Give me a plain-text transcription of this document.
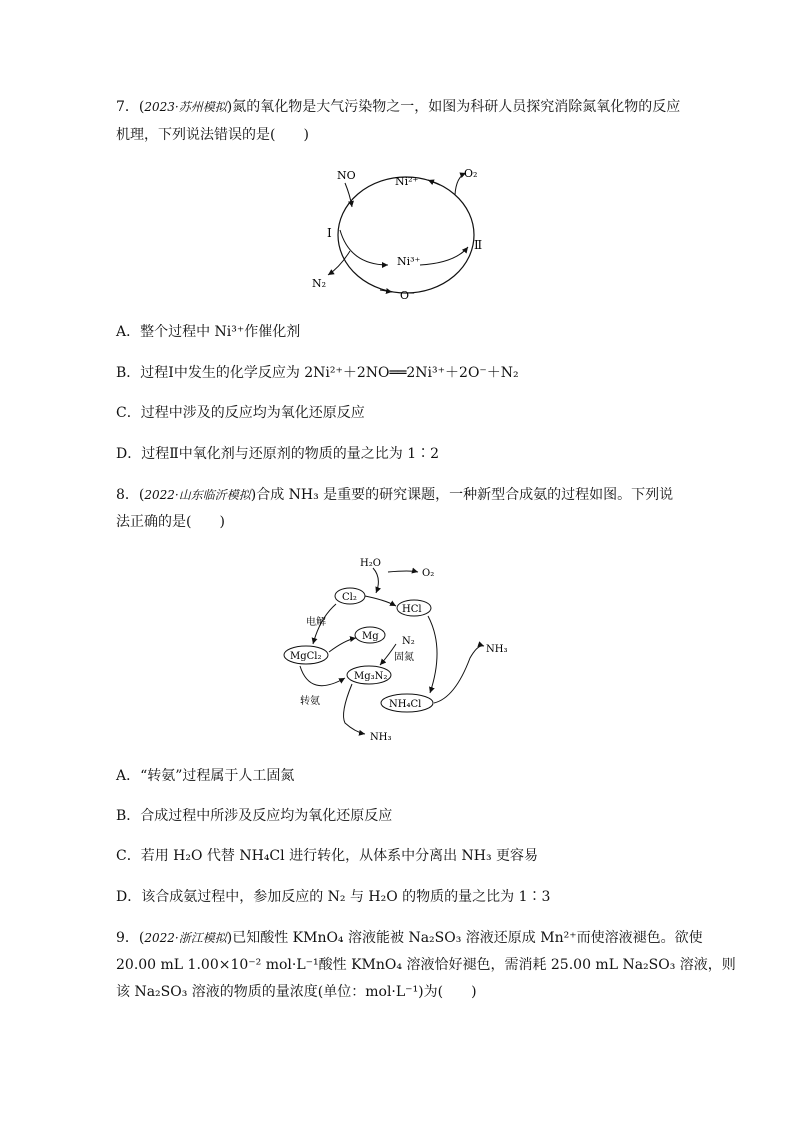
7．(2023·苏州模拟)氮的氧化物是大气污染物之一，如图为科研人员探究消除氮氧化物的反应
机理，下列说法错误的是(　　)
NO	Ni²⁺
O₂
Ⅰ
Ⅱ
Ni³⁺
N₂
O⁻
A．整个过程中 Ni³⁺作催化剂
B．过程Ⅰ中发生的化学反应为 2Ni²⁺＋2NO══2Ni³⁺＋2O⁻＋N₂
C．过程中涉及的反应均为氧化还原反应
D．过程Ⅱ中氧化剂与还原剂的物质的量之比为 1∶2
8．(2022·山东临沂模拟)合成 NH₃ 是重要的研究课题，一种新型合成氨的过程如图。下列说
法正确的是(　　)
H₂O
O₂
Cl₂
HCl
电解
Mg N₂
固氮
NH₃
MgCl₂
Mg₃N₂
转氨	NH₄Cl
NH₃
A．“转氨”过程属于人工固氮
B．合成过程中所涉及反应均为氧化还原反应
C．若用 H₂O 代替 NH₄Cl 进行转化，从体系中分离出 NH₃ 更容易
D．该合成氨过程中，参加反应的 N₂ 与 H₂O 的物质的量之比为 1∶3
9．(2022·浙江模拟)已知酸性 KMnO₄ 溶液能被 Na₂SO₃ 溶液还原成 Mn²⁺而使溶液褪色。欲使
20.00 mL 1.00×10⁻² mol·L⁻¹酸性 KMnO₄ 溶液恰好褪色，需消耗 25.00 mL Na₂SO₃ 溶液，则
该 Na₂SO₃ 溶液的物质的量浓度(单位：mol·L⁻¹)为(　　)
